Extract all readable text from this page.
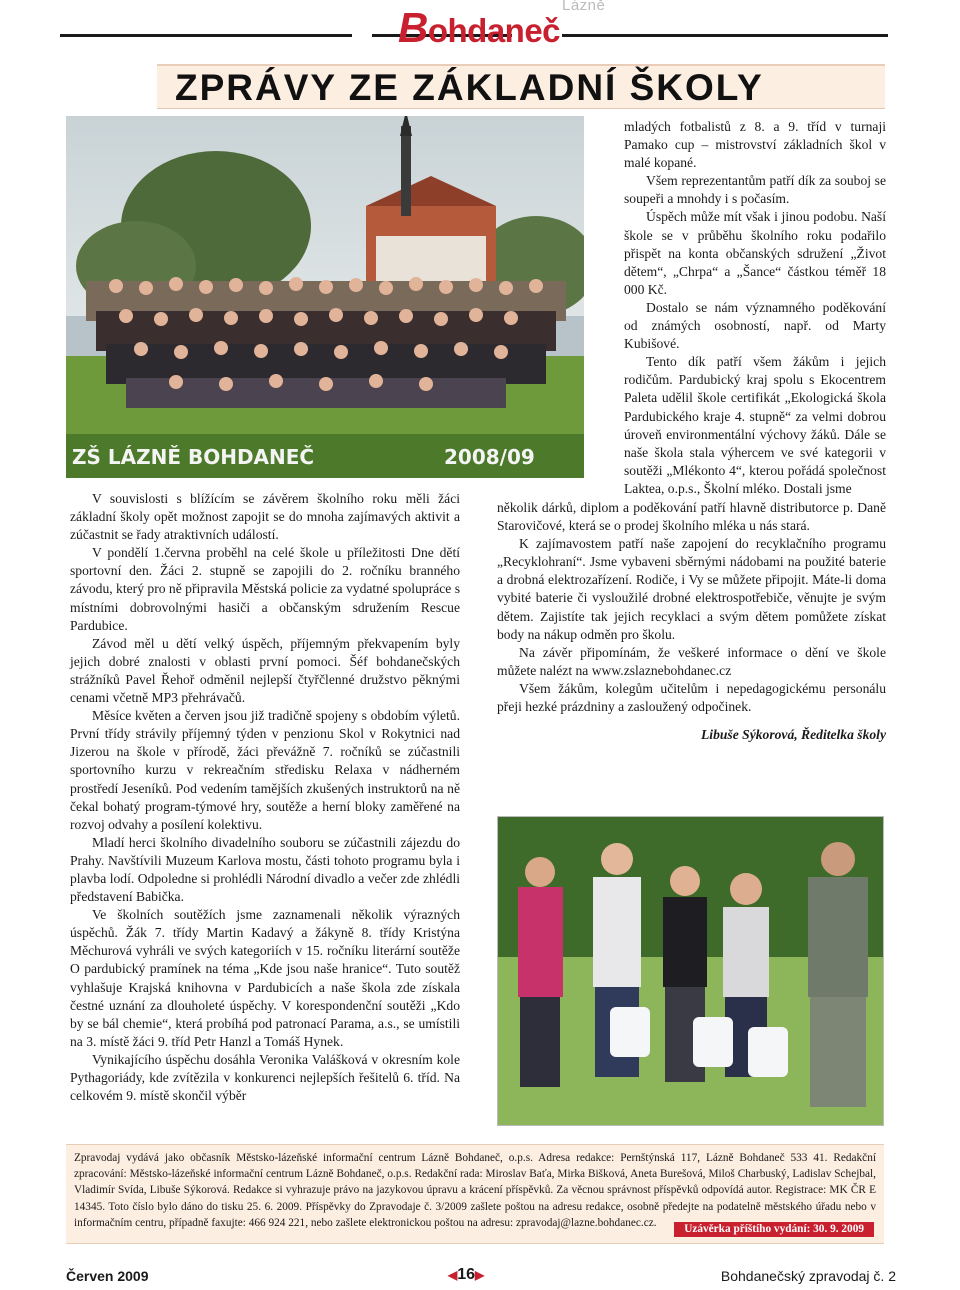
Lázně
Bohdaneč
ZPRÁVY ZE ZÁKLADNÍ ŠKOLY
ZŠ LÁZNĚ BOHDANEČ	2008/09

V souvislosti s blížícím se závěrem školního roku měli žáci základní školy opět možnost zapojit se do mnoha zajímavých aktivit a zúčastnit se řady atraktivních událostí.

V pondělí 1.června proběhl na celé škole u příležitosti Dne dětí sportovní den. Žáci 2. stupně se zapojili do 2. ročníku branného závodu, který pro ně připravila Městská policie za vydatné spolupráce s místními dobrovolnými hasiči a občanským sdružením Rescue Pardubice.

Závod měl u dětí velký úspěch, příjemným překvapením byly jejich dobré znalosti v oblasti první pomoci. Šéf bohdanečských strážníků Pavel Řehoř odměnil nejlepší čtyřčlenné družstvo pěknými cenami včetně MP3 přehrávačů.

Měsíce květen a červen jsou již tradičně spojeny s obdobím výletů. První třídy strávily příjemný týden v penzionu Skol v Rokytnici nad Jizerou na škole v přírodě, žáci převážně 7. ročníků se zúčastnili sportovního kurzu v rekreačním středisku Relaxa v nádherném prostředí Jeseníků. Pod vedením tamějších zkušených instruktorů na ně čekal bohatý program-týmové hry, soutěže a herní bloky zaměřené na rozvoj odvahy a posílení kolektivu.

Mladí herci školního divadelního souboru se zúčastnili zájezdu do Prahy. Navštívili Muzeum Karlova mostu, části tohoto programu byla i plavba lodí. Odpoledne si prohlédli Národní divadlo a večer zde zhlédli představení Babička.

Ve školních soutěžích jsme zaznamenali několik výrazných úspěchů. Žák 7. třídy Martin Kadavý a žákyně 8. třídy Kristýna Měchurová vyhráli ve svých kategoriích v 15. ročníku literární soutěže O pardubický pramínek na téma „Kde jsou naše hranice“. Tuto soutěž vyhlašuje Krajská knihovna v Pardubicích a naše škola zde získala čestné uznání za dlouholeté úspěchy. V korespondenční soutěži „Kdo by se bál chemie“, která probíhá pod patronací Parama, a.s., se umístili na 3. místě žáci 9. tříd Petr Hanzl a Tomáš Hynek.

Vynikajícího úspěchu dosáhla Veronika Valášková v okresním kole Pythagoriády, kde zvítězila v konkurenci nejlepších řešitelů 6. tříd. Na celkovém 9. místě skončil výběr

mladých fotbalistů z 8. a 9. tříd v turnaji Pamako cup – mistrovství základních škol v malé kopané.

Všem reprezentantům patří dík za souboj se soupeři a mnohdy i s počasím.

Úspěch může mít však i jinou podobu. Naší škole se v průběhu školního roku podařilo přispět na konta občanských sdružení „Život dětem“, „Chrpa“ a „Šance“ částkou téměř 18 000 Kč.

Dostalo se nám významného poděkování od známých osobností, např. od Marty Kubišové.

Tento dík patří všem žákům i jejich rodičům. Pardubický kraj spolu s Ekocentrem Paleta udělil škole certifikát „Ekologická škola Pardubického kraje 4. stupně“ za velmi dobrou úroveň environmentální výchovy žáků. Dále se naše škola stala výhercem ve své kategorii v soutěži „Mlékonto 4“, kterou pořádá společnost Laktea, o.p.s., Školní mléko. Dostali jsme

několik dárků, diplom a poděkování patří hlavně distributorce p. Daně Starovičové, která se o prodej školního mléka u nás stará.

K zajímavostem patří naše zapojení do recyklačního programu „Recyklohraní“. Jsme vybaveni sběrnými nádobami na použité baterie a drobná elektrozařízení. Rodiče, i Vy se můžete připojit. Máte-li doma vybité baterie či vysloužilé drobné elektrospotřebiče, věnujte je svým dětem. Zajistíte tak jejich recyklaci a svým dětem pomůžete získat body na nákup odměn pro školu.

Na závěr připomínám, že veškeré informace o dění ve škole můžete nalézt na www.zslaznebohdanec.cz

Všem žákům, kolegům učitelům i nepedagogickému personálu přeji hezké prázdniny a zasloužený odpočinek.

Libuše Sýkorová, Ředitelka školy

Zpravodaj vydává jako občasník Městsko-lázeňské informační centrum Lázně Bohdaneč, o.p.s. Adresa redakce: Pernštýnská 117, Lázně Bohdaneč 533 41. Redakční zpracování: Městsko-lázeňské informační centrum Lázně Bohdaneč, o.p.s. Redakční rada: Miroslav Baťa, Mirka Bišková, Aneta Burešová, Miloš Charbuský, Ladislav Schejbal, Vladimír Svída, Libuše Sýkorová. Redakce si vyhrazuje právo na jazykovou úpravu a krácení příspěvků. Za věcnou správnost příspěvků odpovídá autor. Registrace: MK ČR E 14345. Toto číslo bylo dáno do tisku 25. 6. 2009. Příspěvky do Zpravodaje č. 3/2009 zašlete poštou na adresu redakce, osobně předejte na podatelně městského úřadu nebo v informačním centru, případně faxujte: 466 924 221, nebo zašlete elektronickou poštou na adresu: zpravodaj@lazne.bohdanec.cz.
Uzávěrka příštího vydání: 30. 9. 2009
Červen 2009	◀16▶	Bohdanečský zpravodaj č. 2
